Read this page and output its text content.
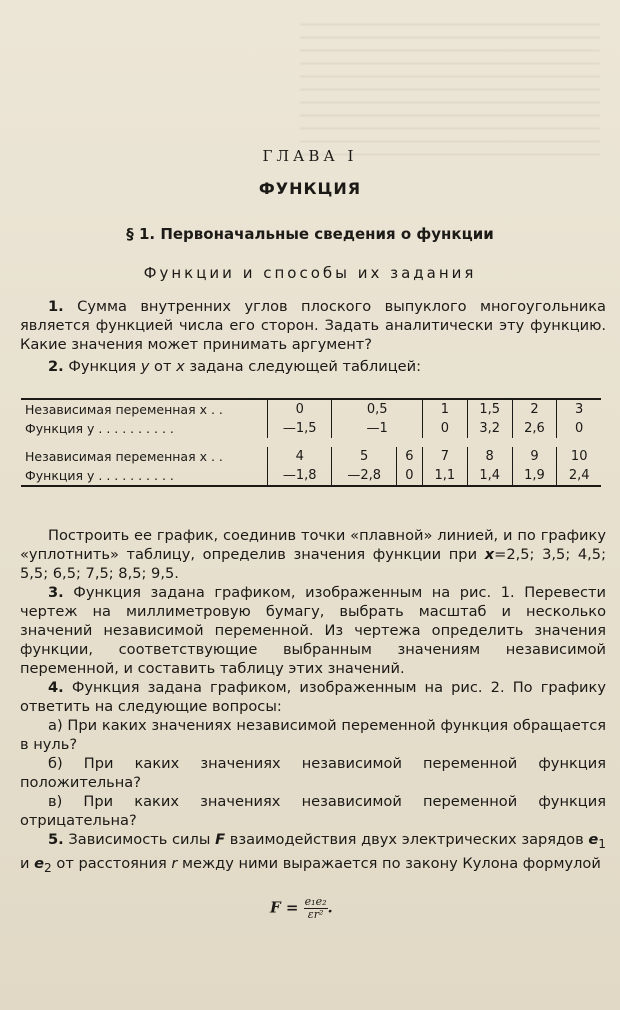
ГЛАВА I
ФУНКЦИЯ
§ 1. Первоначальные сведения о функции
Функции и способы их задания

1. Сумма внутренних углов плоского выпуклого многоугольника является функцией числа его сторон. Задать аналитически эту функцию. Какие значения может принимать аргумент?

2. Функция y от x задана следующей таблицей:

Независимая переменная x . .	0	0,5		1	1,5	2	3
Функция y . . . . . . . . . .	—1,5	—1		0	3,2	2,6	0

Независимая переменная x . .	4	5	6	7	8	9	10
Функция y . . . . . . . . . .	—1,8	—2,8	0	1,1	1,4	1,9	2,4

Построить ее график, соединив точки «плавной» линией, и по графику «уплотнить» таблицу, определив значения функции при x=2,5; 3,5; 4,5; 5,5; 6,5; 7,5; 8,5; 9,5.

3. Функция задана графиком, изображенным на рис. 1. Перевести чертеж на миллиметровую бумагу, выбрать масштаб и несколько значений независимой переменной. Из чертежа определить значения функции, соответствующие выбранным значениям независимой переменной, и составить таблицу этих значений.

4. Функция задана графиком, изображенным на рис. 2. По графику ответить на следующие вопросы:

а) При каких значениях независимой переменной функция обращается в нуль?

б) При каких значениях независимой переменной функция положительна?

в) При каких значениях независимой переменной функция отрицательна?

5. Зависимость силы F взаимодействия двух электрических зарядов $e_1$ и $e_2$ от расстояния r между ними выражается по закону Кулона формулой

$F = \frac{\text{e₁e₂}}{\text{εr²}}$ .
